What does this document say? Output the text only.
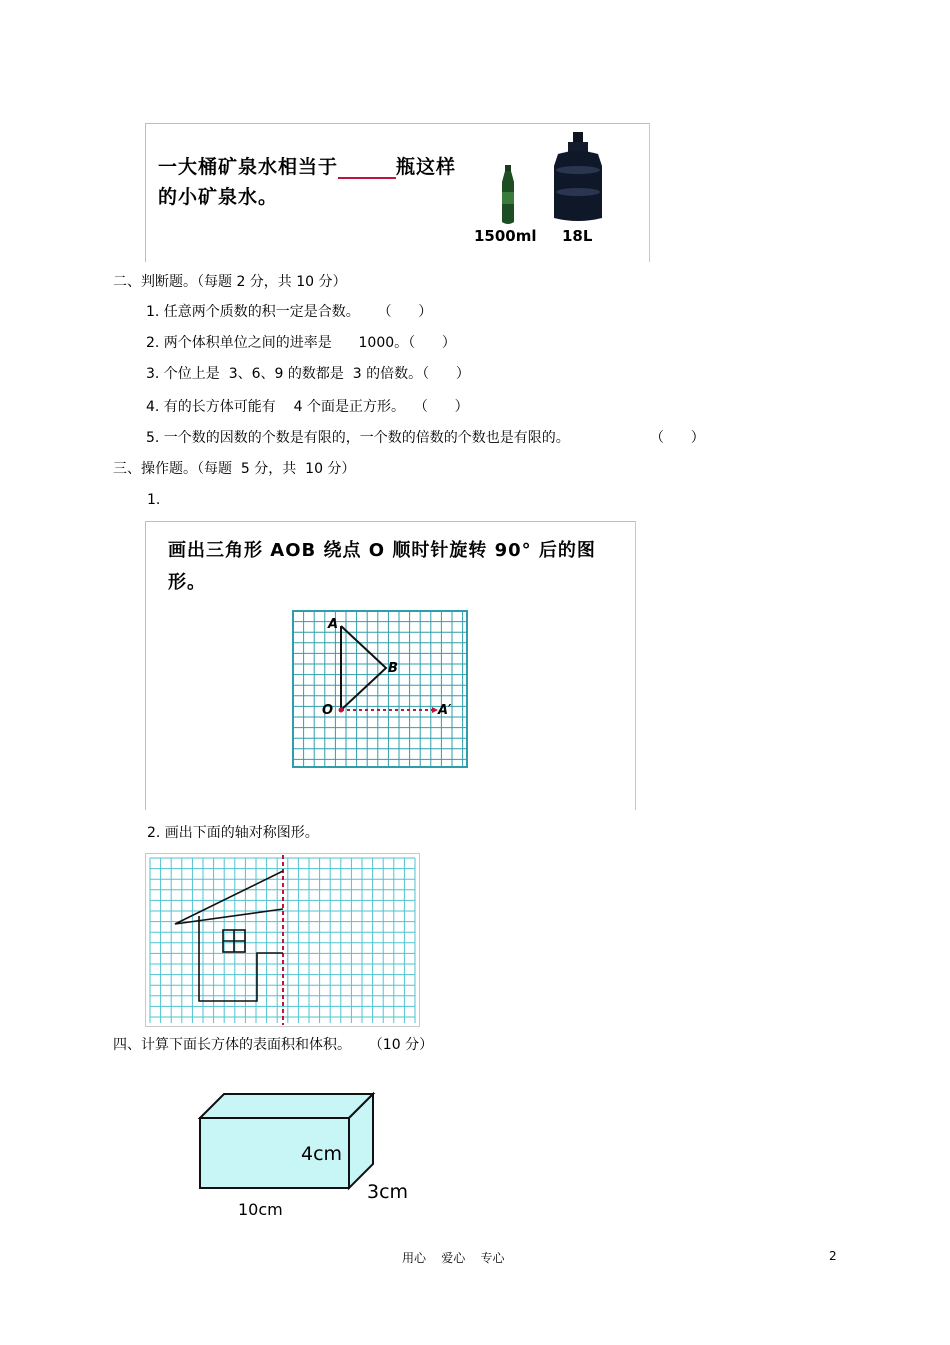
一大桶矿泉水相当于	瓶这样
的小矿泉水。
1500ml 18L
二、判断题。（每题 2 分，共 10 分）
1. 任意两个质数的积一定是合数。    （      ）
2. 两个体积单位之间的进率是      1000。（      ）
3. 个位上是  3、6、9 的数都是  3 的倍数。（      ）
4. 有的长方体可能有    4 个面是正方形。  （      ）
5. 一个数的因数的个数是有限的，一个数的倍数的个数也是有限的。	（      ）
三、操作题。（每题  5 分，共  10 分）
1.
画出三角形 AOB 绕点 O 顺时针旋转 90° 后的图
形。
A
B
O	A′
2. 画出下面的轴对称图形。
四、计算下面长方体的表面积和体积。    （10 分）
4cm
3cm
10cm
用心    爱心    专心	2
